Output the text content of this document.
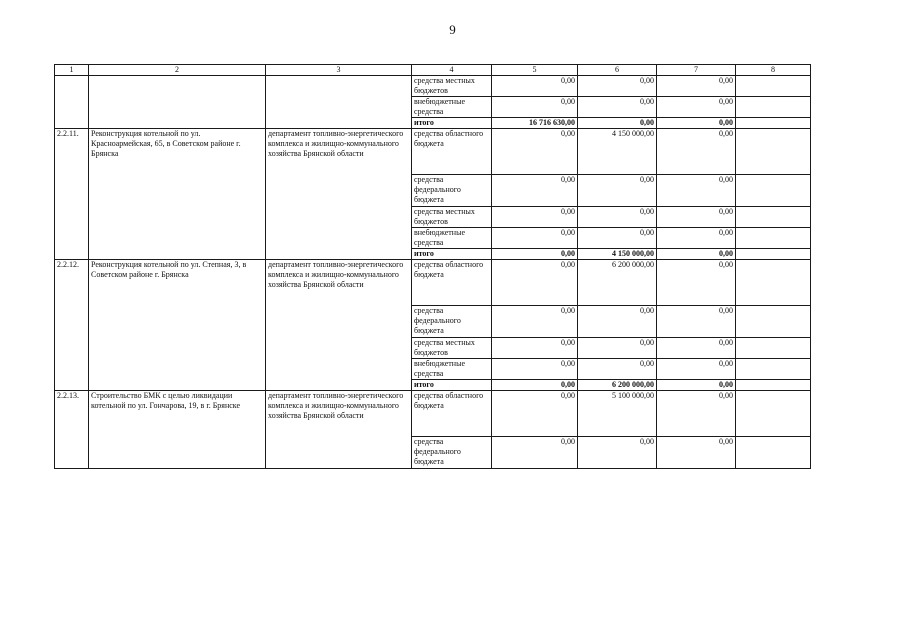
9
1	2	3	4	5	6	7	8
			средства местных бюджетов	0,00	0,00	0,00	
			внебюджетные средства	0,00	0,00	0,00	
			итого	16 716 630,00	0,00	0,00	
2.2.11.	Реконструкция котельной по ул. Красноармейская, 65, в Советском районе г. Брянска	департамент топливно-энергетического комплекса и жилищно-коммунального хозяйства Брянской области	средства областного бюджета	0,00	4 150 000,00	0,00	
			средства федерального бюджета	0,00	0,00	0,00	
			средства местных бюджетов	0,00	0,00	0,00	
			внебюджетные средства	0,00	0,00	0,00	
			итого	0,00	4 150 000,00	0,00	
2.2.12.	Реконструкция котельной по ул. Степная, 3, в Советском районе г. Брянска	департамент топливно-энергетического комплекса и жилищно-коммунального хозяйства Брянской области	средства областного бюджета	0,00	6 200 000,00	0,00	
			средства федерального бюджета	0,00	0,00	0,00	
			средства местных бюджетов	0,00	0,00	0,00	
			внебюджетные средства	0,00	0,00	0,00	
			итого	0,00	6 200 000,00	0,00	
2.2.13.	Строительство БМК с целью ликвидации котельной по ул. Гончарова, 19, в г. Брянске	департамент топливно-энергетического комплекса и жилищно-коммунального хозяйства Брянской области	средства областного бюджета	0,00	5 100 000,00	0,00	
			средства федерального бюджета	0,00	0,00	0,00	
